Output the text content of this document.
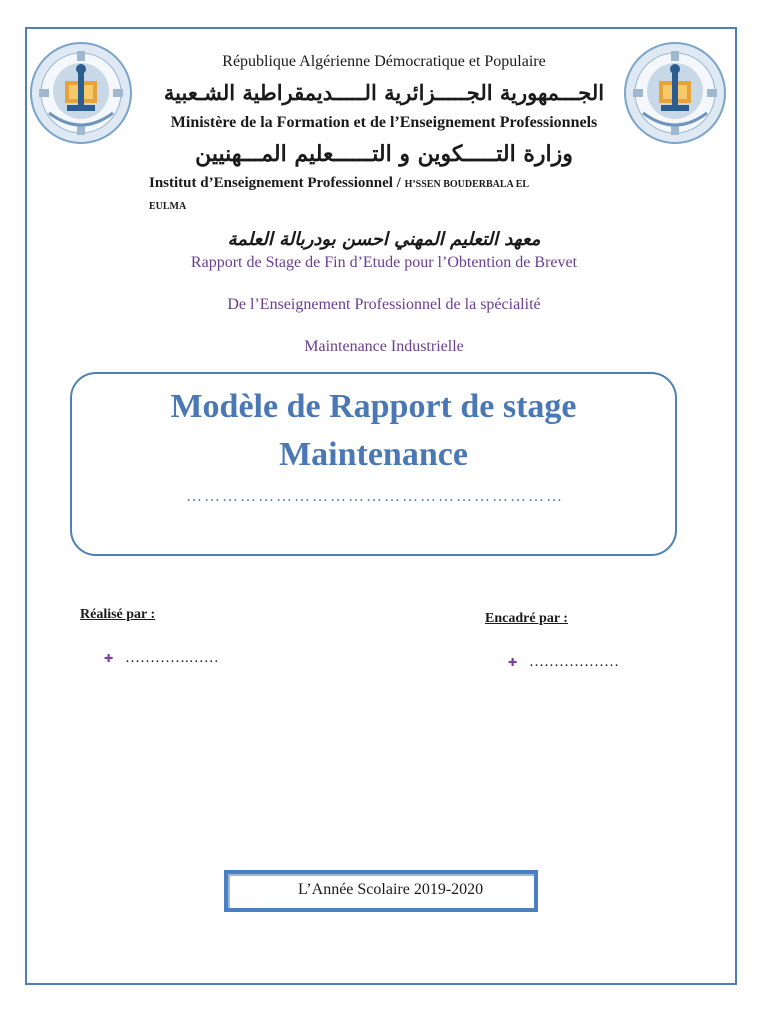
République Algérienne Démocratique et Populaire
الجـــمهورية الجـــــزائرية الـــــديمقراطية الشـعبية
Ministère de la Formation et de l’Enseignement Professionnels
وزارة التـــــكوين و التــــــعليم المـــهنيين
Institut d’Enseignement Professionnel / H’SSEN BOUDERBALA EL
EULMA
معهد التعليم المهني احسن بودربالة العلمة
Rapport de Stage de Fin d’Etude pour l’Obtention de Brevet
De l’Enseignement Professionnel de la spécialité
Maintenance Industrielle
Modèle de Rapport de stage
Maintenance
………………………………………………………
Réalisé par :
✚ ………….……
Encadré par :
✚ ………………
L’Année Scolaire 2019-2020
